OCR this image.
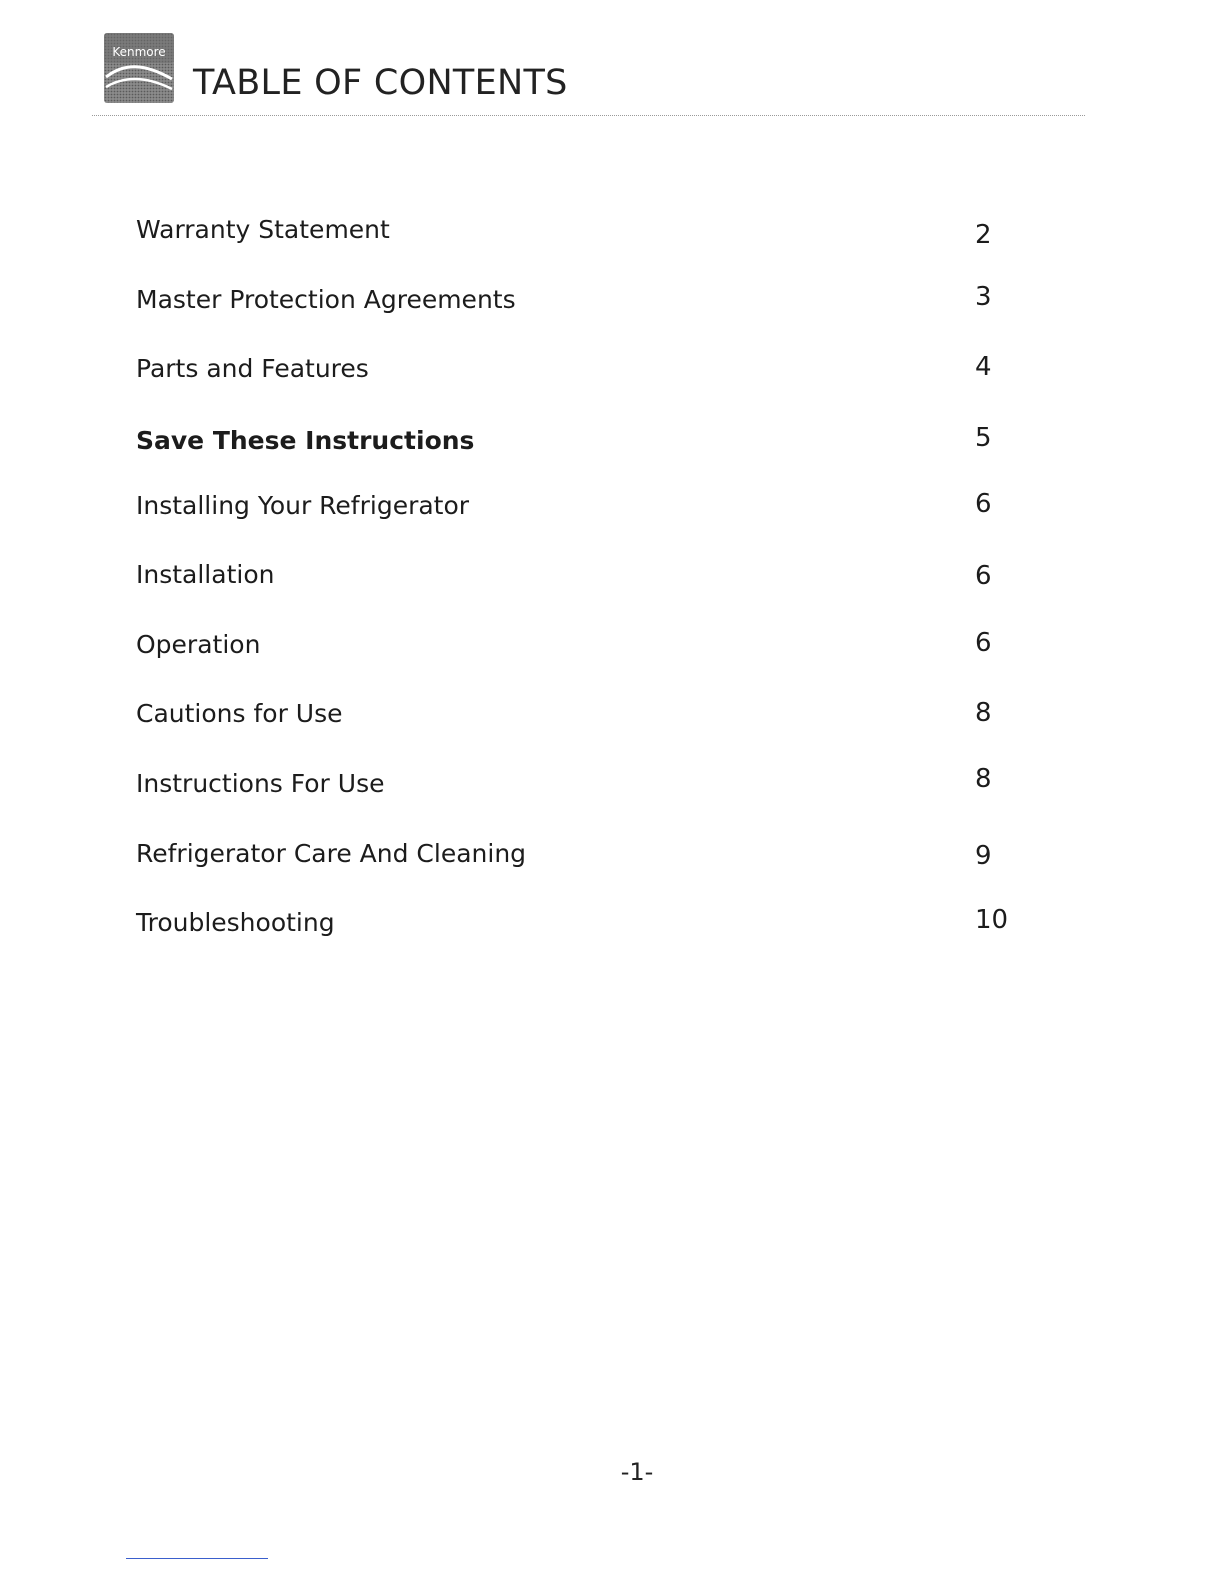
Kenmore
TABLE OF CONTENTS
Warranty Statement	2
Master Protection Agreements	3
Parts and Features	4
Save These Instructions	5
Installing Your Refrigerator	6
Installation	6
Operation	6
Cautions for Use	8
Instructions For Use	8
Refrigerator Care And Cleaning	9
Troubleshooting	10
-1-
